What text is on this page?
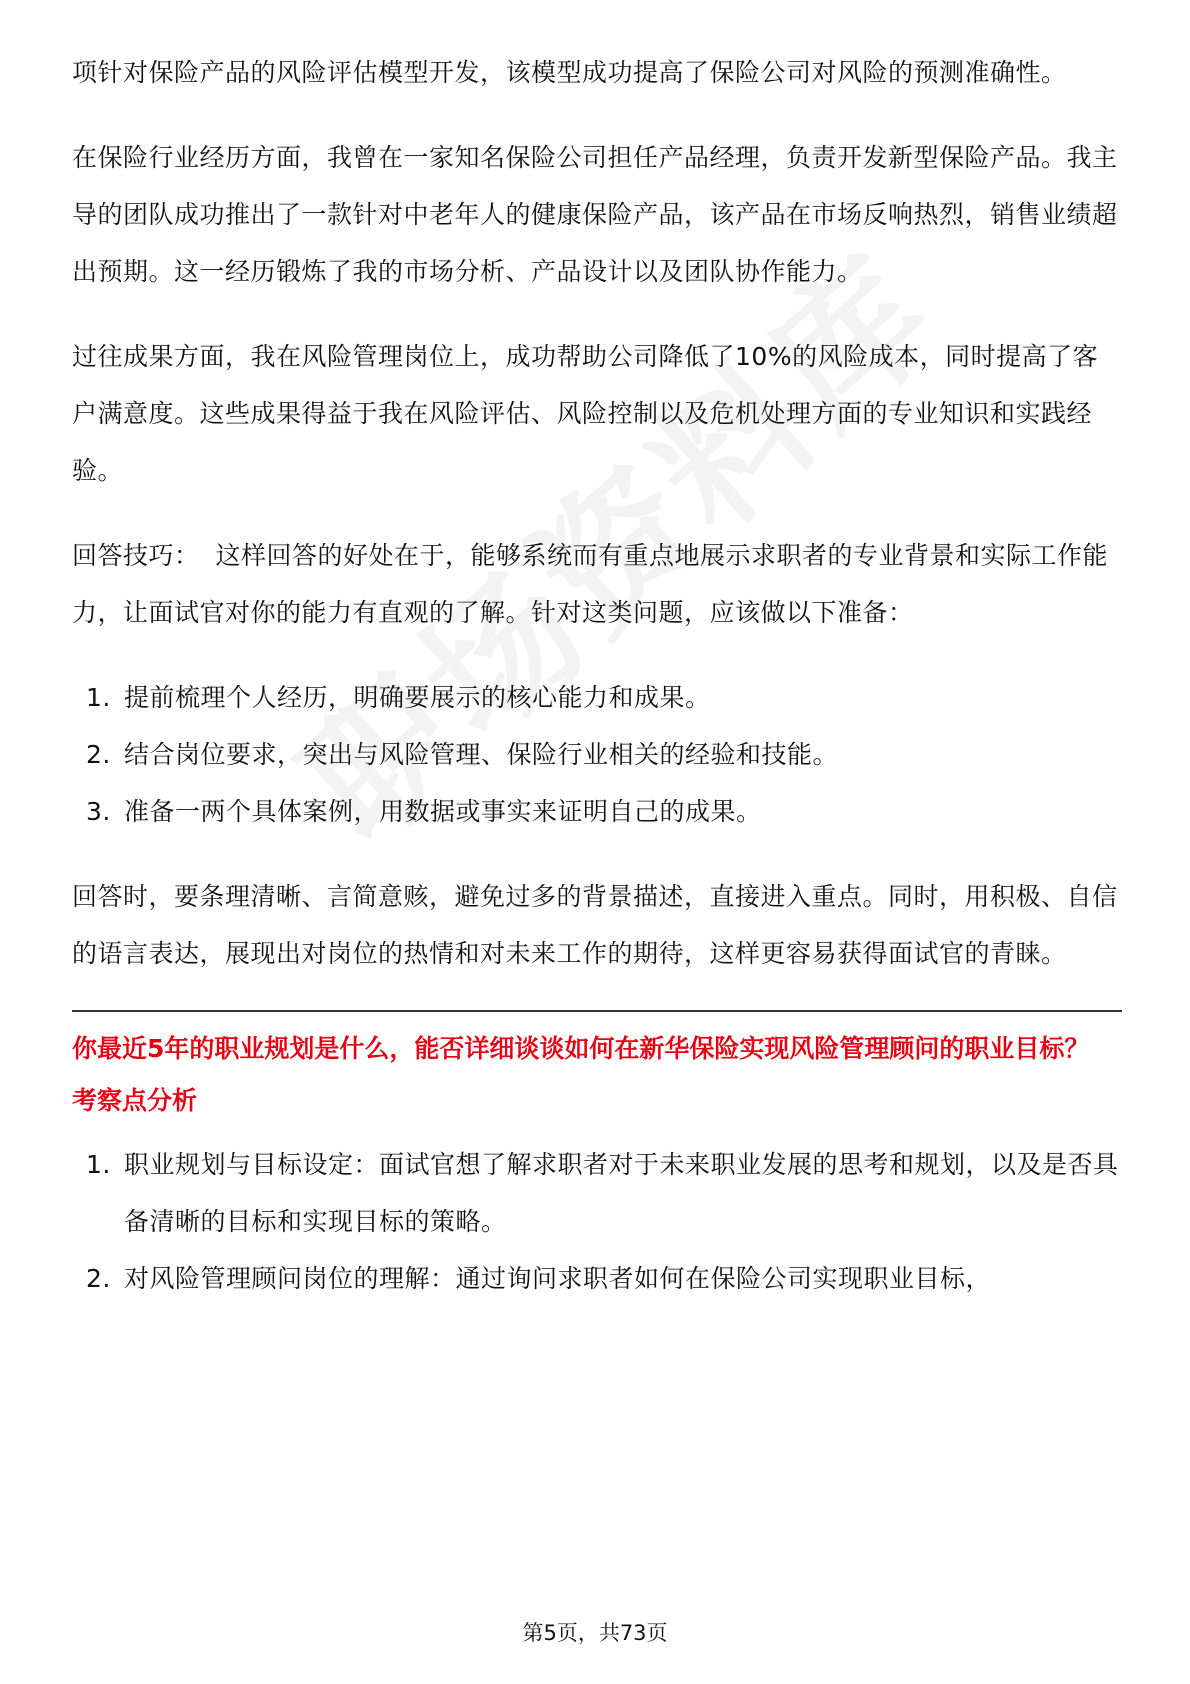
项针对保险产品的风险评估模型开发，该模型成功提高了保险公司对风险的预测准确性。

在保险行业经历方面，我曾在一家知名保险公司担任产品经理，负责开发新型保险产品。我主导的团队成功推出了一款针对中老年人的健康保险产品，该产品在市场反响热烈，销售业绩超出预期。这一经历锻炼了我的市场分析、产品设计以及团队协作能力。

过往成果方面，我在风险管理岗位上，成功帮助公司降低了10%的风险成本，同时提高了客户满意度。这些成果得益于我在风险评估、风险控制以及危机处理方面的专业知识和实践经验。

回答技巧： 这样回答的好处在于，能够系统而有重点地展示求职者的专业背景和实际工作能力，让面试官对你的能力有直观的了解。针对这类问题，应该做以下准备：

1. 提前梳理个人经历，明确要展示的核心能力和成果。
2. 结合岗位要求，突出与风险管理、保险行业相关的经验和技能。
3. 准备一两个具体案例，用数据或事实来证明自己的成果。

回答时，要条理清晰、言简意赅，避免过多的背景描述，直接进入重点。同时，用积极、自信的语言表达，展现出对岗位的热情和对未来工作的期待，这样更容易获得面试官的青睐。

你最近5年的职业规划是什么，能否详细谈谈如何在新华保险实现风险管理顾问的职业目标？
考察点分析
1. 职业规划与目标设定：面试官想了解求职者对于未来职业发展的思考和规划，以及是否具备清晰的目标和实现目标的策略。
2. 对风险管理顾问岗位的理解：通过询问求职者如何在保险公司实现职业目标，
第5页，共73页
